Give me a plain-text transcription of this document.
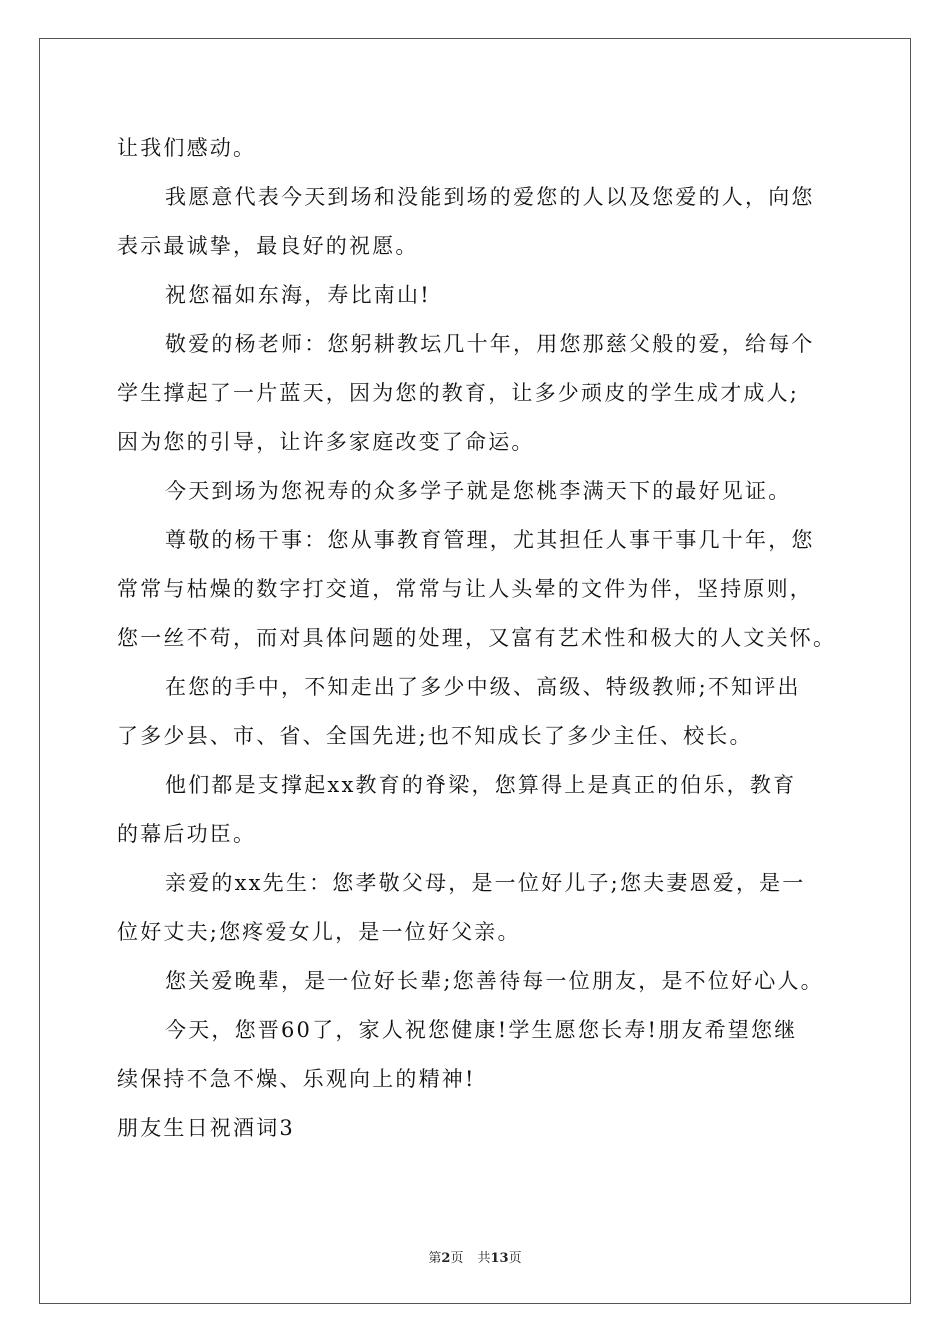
让我们感动。

我愿意代表今天到场和没能到场的爱您的人以及您爱的人，向您

表示最诚挚，最良好的祝愿。

祝您福如东海，寿比南山!

敬爱的杨老师：您躬耕教坛几十年，用您那慈父般的爱，给每个

学生撑起了一片蓝天，因为您的教育，让多少顽皮的学生成才成人;

因为您的引导，让许多家庭改变了命运。

今天到场为您祝寿的众多学子就是您桃李满天下的最好见证。

尊敬的杨干事：您从事教育管理，尤其担任人事干事几十年，您

常常与枯燥的数字打交道，常常与让人头晕的文件为伴，坚持原则，

您一丝不苟，而对具体问题的处理，又富有艺术性和极大的人文关怀。

在您的手中，不知走出了多少中级、高级、特级教师;不知评出

了多少县、市、省、全国先进;也不知成长了多少主任、校长。

他们都是支撑起xx教育的脊梁，您算得上是真正的伯乐，教育

的幕后功臣。

亲爱的xx先生：您孝敬父母，是一位好儿子;您夫妻恩爱，是一

位好丈夫;您疼爱女儿，是一位好父亲。

您关爱晚辈，是一位好长辈;您善待每一位朋友，是不位好心人。

今天，您晋60了，家人祝您健康!学生愿您长寿!朋友希望您继

续保持不急不燥、乐观向上的精神!

朋友生日祝酒词3

第2页 共13页
